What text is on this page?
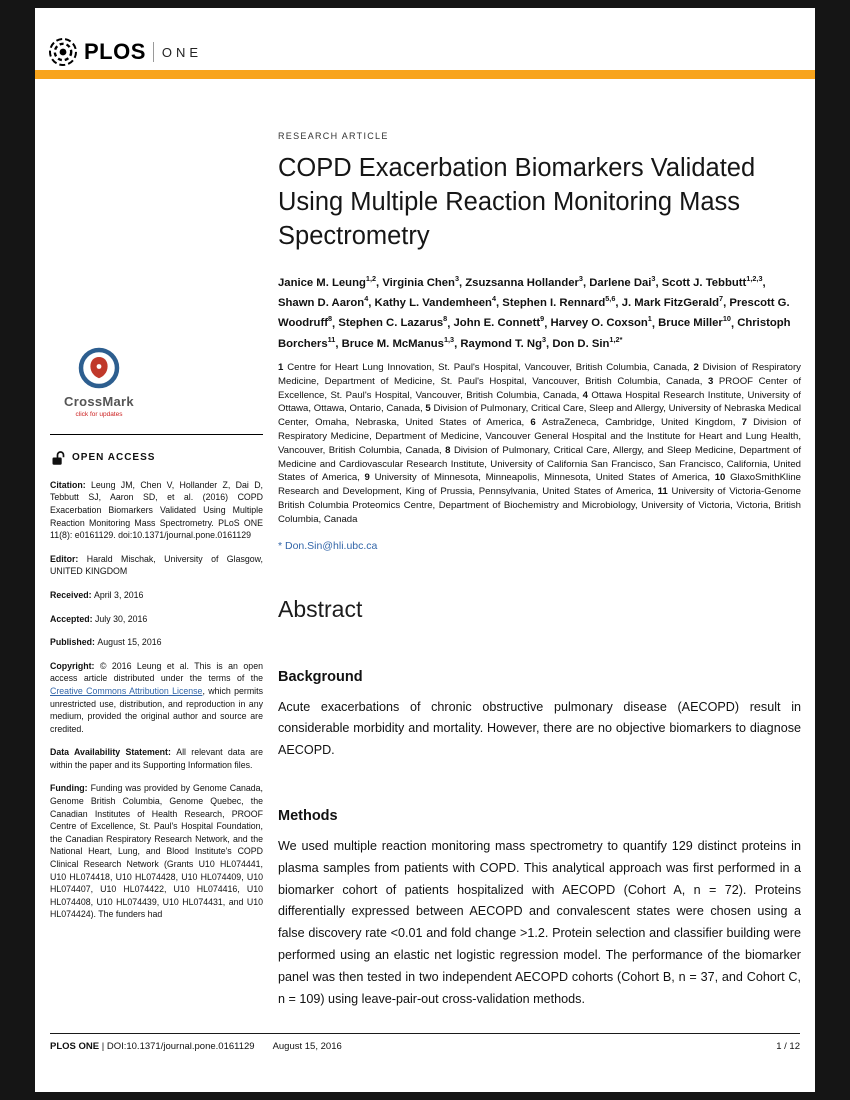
PLOS ONE
CrossMark
click for updates
OPEN ACCESS

Citation: Leung JM, Chen V, Hollander Z, Dai D, Tebbutt SJ, Aaron SD, et al. (2016) COPD Exacerbation Biomarkers Validated Using Multiple Reaction Monitoring Mass Spectrometry. PLoS ONE 11(8): e0161129. doi:10.1371/journal.pone.0161129

Editor: Harald Mischak, University of Glasgow, UNITED KINGDOM

Received: April 3, 2016

Accepted: July 30, 2016

Published: August 15, 2016

Copyright: © 2016 Leung et al. This is an open access article distributed under the terms of the Creative Commons Attribution License, which permits unrestricted use, distribution, and reproduction in any medium, provided the original author and source are credited.

Data Availability Statement: All relevant data are within the paper and its Supporting Information files.

Funding: Funding was provided by Genome Canada, Genome British Columbia, Genome Quebec, the Canadian Institutes of Health Research, PROOF Centre of Excellence, St. Paul's Hospital Foundation, the Canadian Respiratory Research Network, and the National Heart, Lung, and Blood Institute's COPD Clinical Research Network (Grants U10 HL074441, U10 HL074418, U10 HL074428, U10 HL074409, U10 HL074407, U10 HL074422, U10 HL074416, U10 HL074408, U10 HL074439, U10 HL074431, and U10 HL074424). The funders had

RESEARCH ARTICLE
COPD Exacerbation Biomarkers Validated Using Multiple Reaction Monitoring Mass Spectrometry

Janice M. Leung$^{1,2}$, Virginia Chen$^3$, Zsuzsanna Hollander$^3$, Darlene Dai$^3$, Scott J. Tebbutt$^{1,2,3}$, Shawn D. Aaron$^4$, Kathy L. Vandemheen$^4$, Stephen I. Rennard$^{5,6}$, J. Mark FitzGerald$^7$, Prescott G. Woodruff$^8$, Stephen C. Lazarus$^8$, John E. Connett$^9$, Harvey O. Coxson$^1$, Bruce Miller$^{10}$, Christoph Borchers$^{11}$, Bruce M. McManus$^{1,3}$, Raymond T. Ng$^3$, Don D. Sin$^{1,2*}$

1 Centre for Heart Lung Innovation, St. Paul's Hospital, Vancouver, British Columbia, Canada, 2 Division of Respiratory Medicine, Department of Medicine, St. Paul's Hospital, Vancouver, British Columbia, Canada, 3 PROOF Center of Excellence, St. Paul's Hospital, Vancouver, British Columbia, Canada, 4 Ottawa Hospital Research Institute, University of Ottawa, Ottawa, Ontario, Canada, 5 Division of Pulmonary, Critical Care, Sleep and Allergy, University of Nebraska Medical Center, Omaha, Nebraska, United States of America, 6 AstraZeneca, Cambridge, United Kingdom, 7 Division of Respiratory Medicine, Department of Medicine, Vancouver General Hospital and the Institute for Heart and Lung Health, Vancouver, British Columbia, Canada, 8 Division of Pulmonary, Critical Care, Allergy, and Sleep Medicine, Department of Medicine and Cardiovascular Research Institute, University of California San Francisco, San Francisco, California, United States of America, 9 University of Minnesota, Minneapolis, Minnesota, United States of America, 10 GlaxoSmithKline Research and Development, King of Prussia, Pennsylvania, United States of America, 11 University of Victoria-Genome British Columbia Proteomics Centre, Department of Biochemistry and Microbiology, University of Victoria, Victoria, British Columbia, Canada

* Don.Sin@hli.ubc.ca

Abstract
Background

Acute exacerbations of chronic obstructive pulmonary disease (AECOPD) result in considerable morbidity and mortality. However, there are no objective biomarkers to diagnose AECOPD.

Methods

We used multiple reaction monitoring mass spectrometry to quantify 129 distinct proteins in plasma samples from patients with COPD. This analytical approach was first performed in a biomarker cohort of patients hospitalized with AECOPD (Cohort A, n = 72). Proteins differentially expressed between AECOPD and convalescent states were chosen using a false discovery rate <0.01 and fold change >1.2. Protein selection and classifier building were performed using an elastic net logistic regression model. The performance of the biomarker panel was then tested in two independent AECOPD cohorts (Cohort B, n = 37, and Cohort C, n = 109) using leave-pair-out cross-validation methods.

PLOS ONE | DOI:10.1371/journal.pone.0161129 August 15, 2016	1 / 12
